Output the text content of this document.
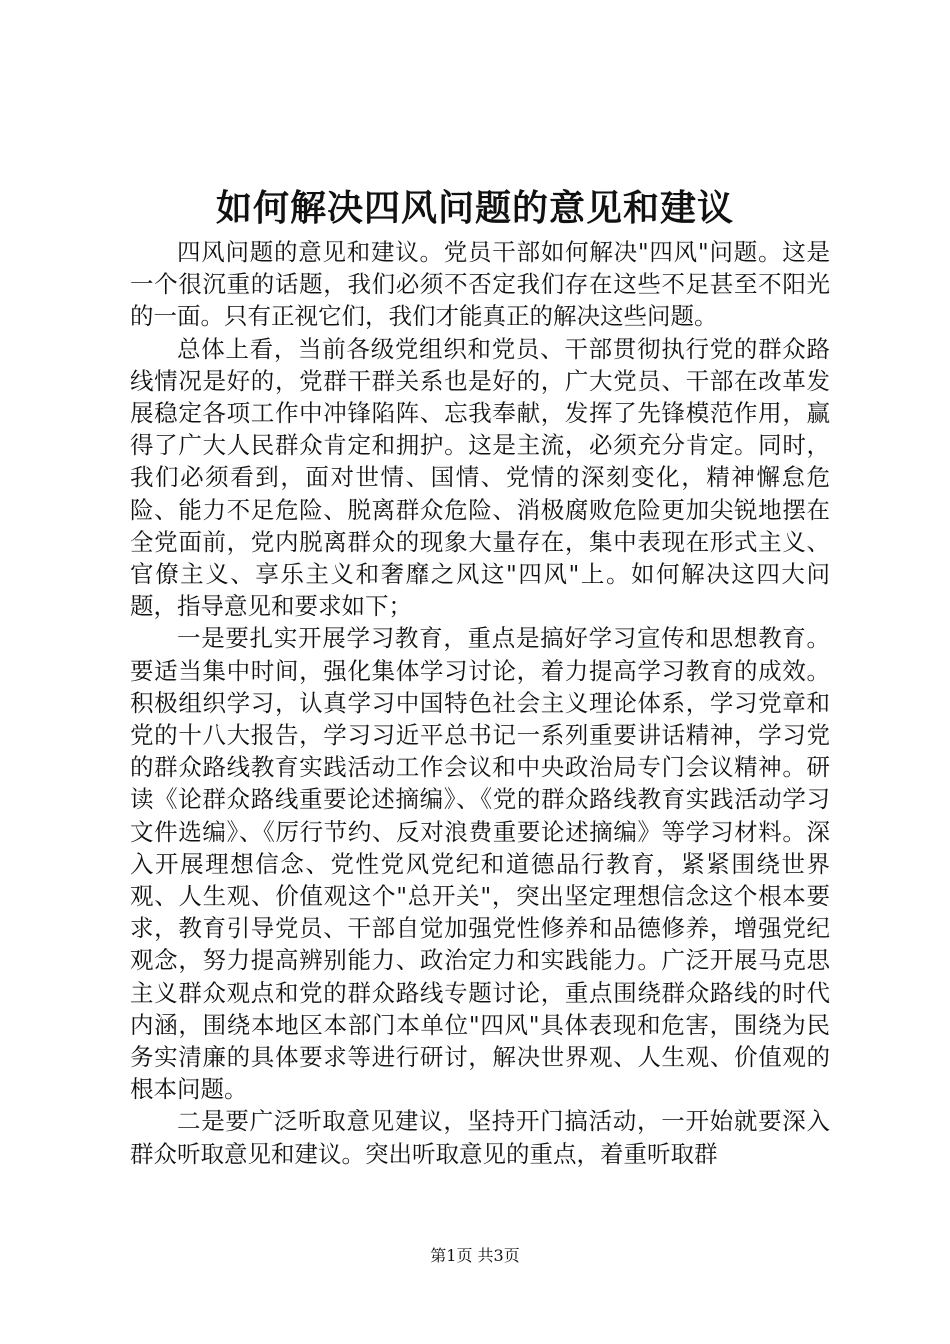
如何解决四风问题的意见和建议

四风问题的意见和建议。党员干部如何解决"四风"问题。这是一个很沉重的话题，我们必须不否定我们存在这些不足甚至不阳光的一面。只有正视它们，我们才能真正的解决这些问题。

总体上看，当前各级党组织和党员、干部贯彻执行党的群众路线情况是好的，党群干群关系也是好的，广大党员、干部在改革发展稳定各项工作中冲锋陷阵、忘我奉献，发挥了先锋模范作用，赢得了广大人民群众肯定和拥护。这是主流，必须充分肯定。同时，我们必须看到，面对世情、国情、党情的深刻变化，精神懈怠危险、能力不足危险、脱离群众危险、消极腐败危险更加尖锐地摆在全党面前，党内脱离群众的现象大量存在，集中表现在形式主义、官僚主义、享乐主义和奢靡之风这"四风"上。如何解决这四大问题，指导意见和要求如下；

一是要扎实开展学习教育，重点是搞好学习宣传和思想教育。要适当集中时间，强化集体学习讨论，着力提高学习教育的成效。积极组织学习，认真学习中国特色社会主义理论体系，学习党章和党的十八大报告，学习习近平总书记一系列重要讲话精神，学习党的群众路线教育实践活动工作会议和中央政治局专门会议精神。研读《论群众路线重要论述摘编》、《党的群众路线教育实践活动学习文件选编》、《厉行节约、反对浪费重要论述摘编》等学习材料。深入开展理想信念、党性党风党纪和道德品行教育，紧紧围绕世界观、人生观、价值观这个"总开关"，突出坚定理想信念这个根本要求，教育引导党员、干部自觉加强党性修养和品德修养，增强党纪观念，努力提高辨别能力、政治定力和实践能力。广泛开展马克思主义群众观点和党的群众路线专题讨论，重点围绕群众路线的时代内涵，围绕本地区本部门本单位"四风"具体表现和危害，围绕为民务实清廉的具体要求等进行研讨，解决世界观、人生观、价值观的根本问题。

二是要广泛听取意见建议，坚持开门搞活动，一开始就要深入群众听取意见和建议。突出听取意见的重点，着重听取群

第1页 共3页
